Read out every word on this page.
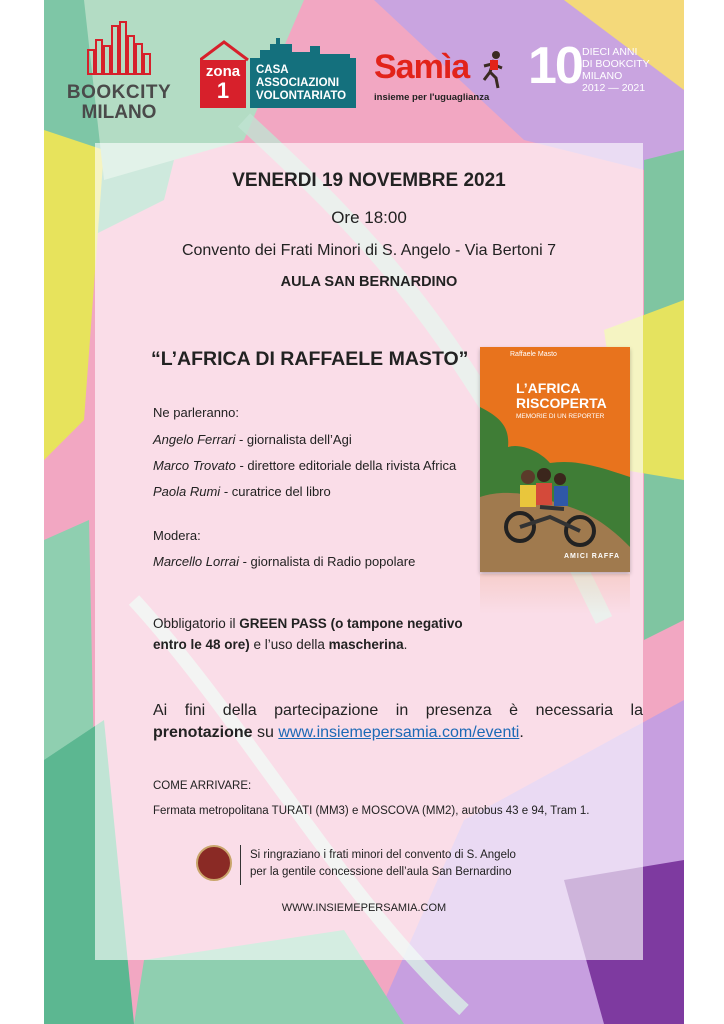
BOOKCITY
MILANO
zona
1
CASA
ASSOCIAZIONI
VOLONTARIATO
Samìa
insieme per l'uguaglianza
10 DIECI ANNI
DI BOOKCITY
MILANO
2012 — 2021
VENERDI 19 NOVEMBRE 2021
Ore 18:00
Convento dei Frati Minori di S. Angelo - Via Bertoni 7
AULA SAN BERNARDINO
“L’AFRICA DI RAFFAELE MASTO”
Ne parleranno:
Angelo Ferrari - giornalista dell’Agi
Marco Trovato - direttore editoriale della rivista Africa
Paola Rumi - curatrice del libro
Modera:
Marcello Lorrai - giornalista di Radio popolare
Obbligatorio il GREEN PASS (o tampone negativo
entro le 48 ore) e l’uso della mascherina.
Ai fini della partecipazione in presenza è necessaria la
prenotazione su www.insiemepersamia.com/eventi.
COME ARRIVARE:
Fermata metropolitana TURATI (MM3) e MOSCOVA (MM2), autobus 43 e 94, Tram 1.
Raffaele Masto
L’AFRICA
RISCOPERTA
MEMORIE DI UN REPORTER
AMICI RAFFA
Si ringraziano i frati minori del convento di S. Angelo
per la gentile concessione dell’aula San Bernardino
WWW.INSIEMEPERSAMIA.COM
